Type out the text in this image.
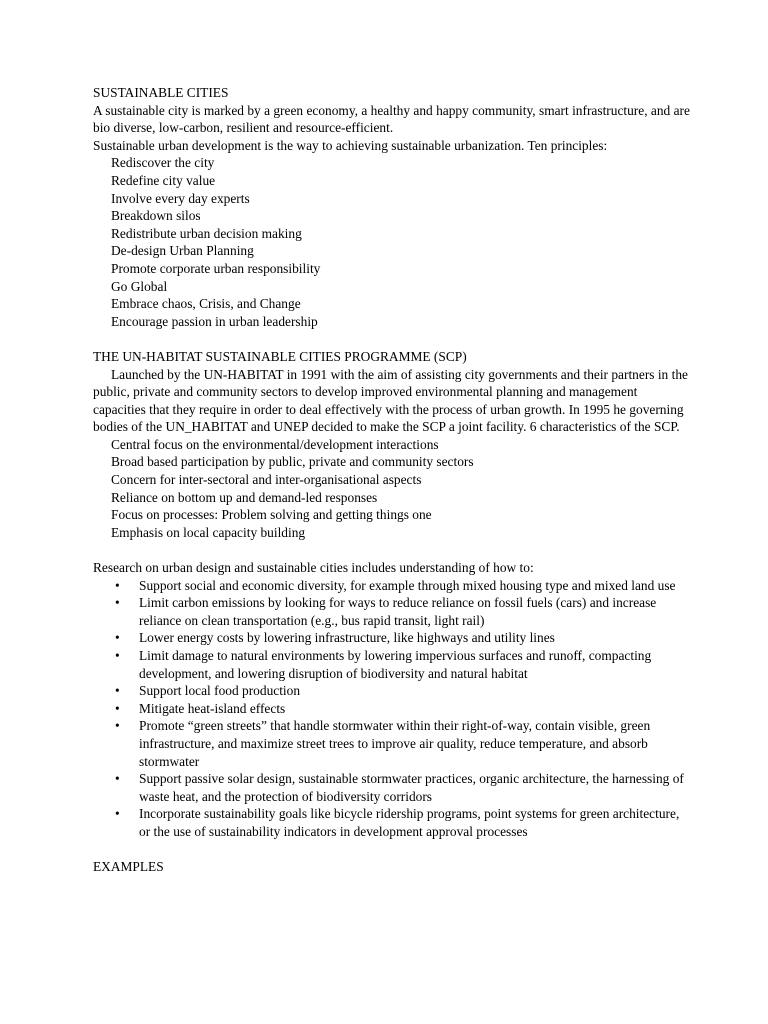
SUSTAINABLE CITIES

A sustainable city is marked by a green economy, a healthy and happy community, smart infrastructure, and are bio diverse, low-carbon, resilient and resource-efficient.

Sustainable urban development is the way to achieving sustainable urbanization. Ten principles:

Rediscover the city
Redefine city value
Involve every day experts
Breakdown silos
Redistribute urban decision making
De-design Urban Planning
Promote corporate urban responsibility
Go Global
Embrace chaos, Crisis, and Change
Encourage passion in urban leadership

THE UN-HABITAT SUSTAINABLE CITIES PROGRAMME (SCP)

Launched by the UN-HABITAT in 1991 with the aim of assisting city governments and their partners in the public, private and community sectors to develop improved environmental planning and management capacities that they require in order to deal effectively with the process of urban growth. In 1995 he governing bodies of the UN_HABITAT and UNEP decided to make the SCP a joint facility. 6 characteristics of the SCP.

Central focus on the environmental/development interactions
Broad based participation by public, private and community sectors
Concern for inter-sectoral and inter-organisational aspects
Reliance on bottom up and demand-led responses
Focus on processes: Problem solving and getting things one
Emphasis on local capacity building

Research on urban design and sustainable cities includes understanding of how to:

• Support social and economic diversity, for example through mixed housing type and mixed land use
• Limit carbon emissions by looking for ways to reduce reliance on fossil fuels (cars) and increase reliance on clean transportation (e.g., bus rapid transit, light rail)
• Lower energy costs by lowering infrastructure, like highways and utility lines
• Limit damage to natural environments by lowering impervious surfaces and runoff, compacting development, and lowering disruption of biodiversity and natural habitat
• Support local food production
• Mitigate heat-island effects
• Promote “green streets” that handle stormwater within their right-of-way, contain visible, green infrastructure, and maximize street trees to improve air quality, reduce temperature, and absorb stormwater
• Support passive solar design, sustainable stormwater practices, organic architecture, the harnessing of waste heat, and the protection of biodiversity corridors
• Incorporate sustainability goals like bicycle ridership programs, point systems for green architecture, or the use of sustainability indicators in development approval processes

EXAMPLES
